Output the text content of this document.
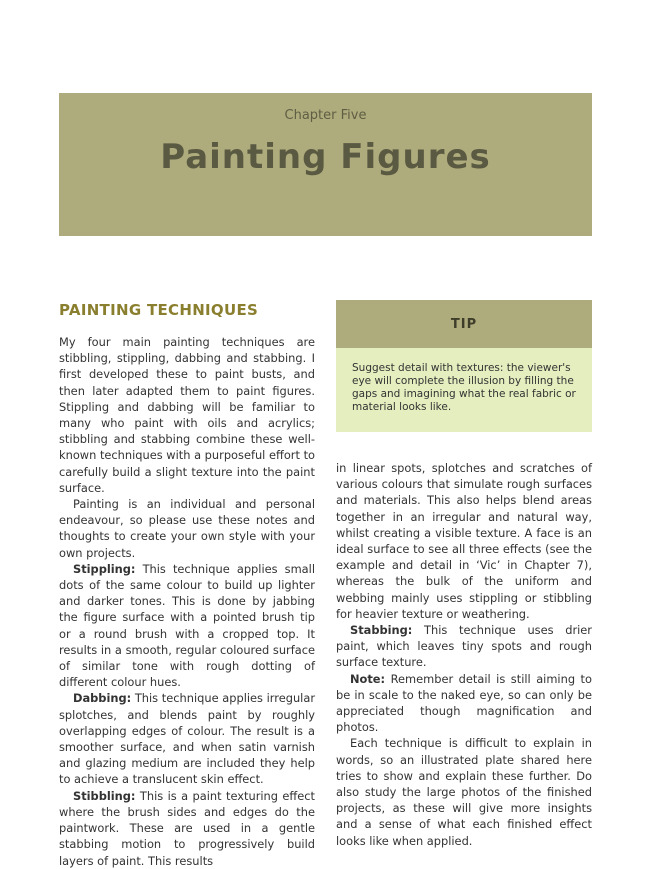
Chapter Five
Painting Figures
PAINTING TECHNIQUES

My four main painting techniques are stibbling, stippling, dabbing and stabbing. I first developed these to paint busts, and then later adapted them to paint figures. Stippling and dabbing will be familiar to many who paint with oils and acrylics; stibbling and stabbing combine these well-known techniques with a purposeful effort to carefully build a slight texture into the paint surface.

Painting is an individual and personal endeavour, so please use these notes and thoughts to create your own style with your own projects.

Stippling: This technique applies small dots of the same colour to build up lighter and darker tones. This is done by jabbing the figure surface with a pointed brush tip or a round brush with a cropped top. It results in a smooth, regular coloured surface of similar tone with rough dotting of different colour hues.

Dabbing: This technique applies irregular splotches, and blends paint by roughly overlapping edges of colour. The result is a smoother surface, and when satin varnish and glazing medium are included they help to achieve a translucent skin effect.

Stibbling: This is a paint texturing effect where the brush sides and edges do the paintwork. These are used in a gentle stabbing motion to progressively build layers of paint. This results

TIP
Suggest detail with textures: the viewer's eye will complete the illusion by filling the gaps and imagining what the real fabric or material looks like.

in linear spots, splotches and scratches of various colours that simulate rough surfaces and materials. This also helps blend areas together in an irregular and natural way, whilst creating a visible texture. A face is an ideal surface to see all three effects (see the example and detail in ‘Vic’ in Chapter 7), whereas the bulk of the uniform and webbing mainly uses stippling or stibbling for heavier texture or weathering.

Stabbing: This technique uses drier paint, which leaves tiny spots and rough surface texture.

Note: Remember detail is still aiming to be in scale to the naked eye, so can only be appreciated though magnification and photos.

Each technique is difficult to explain in words, so an illustrated plate shared here tries to show and explain these further. Do also study the large photos of the finished projects, as these will give more insights and a sense of what each finished effect looks like when applied.
